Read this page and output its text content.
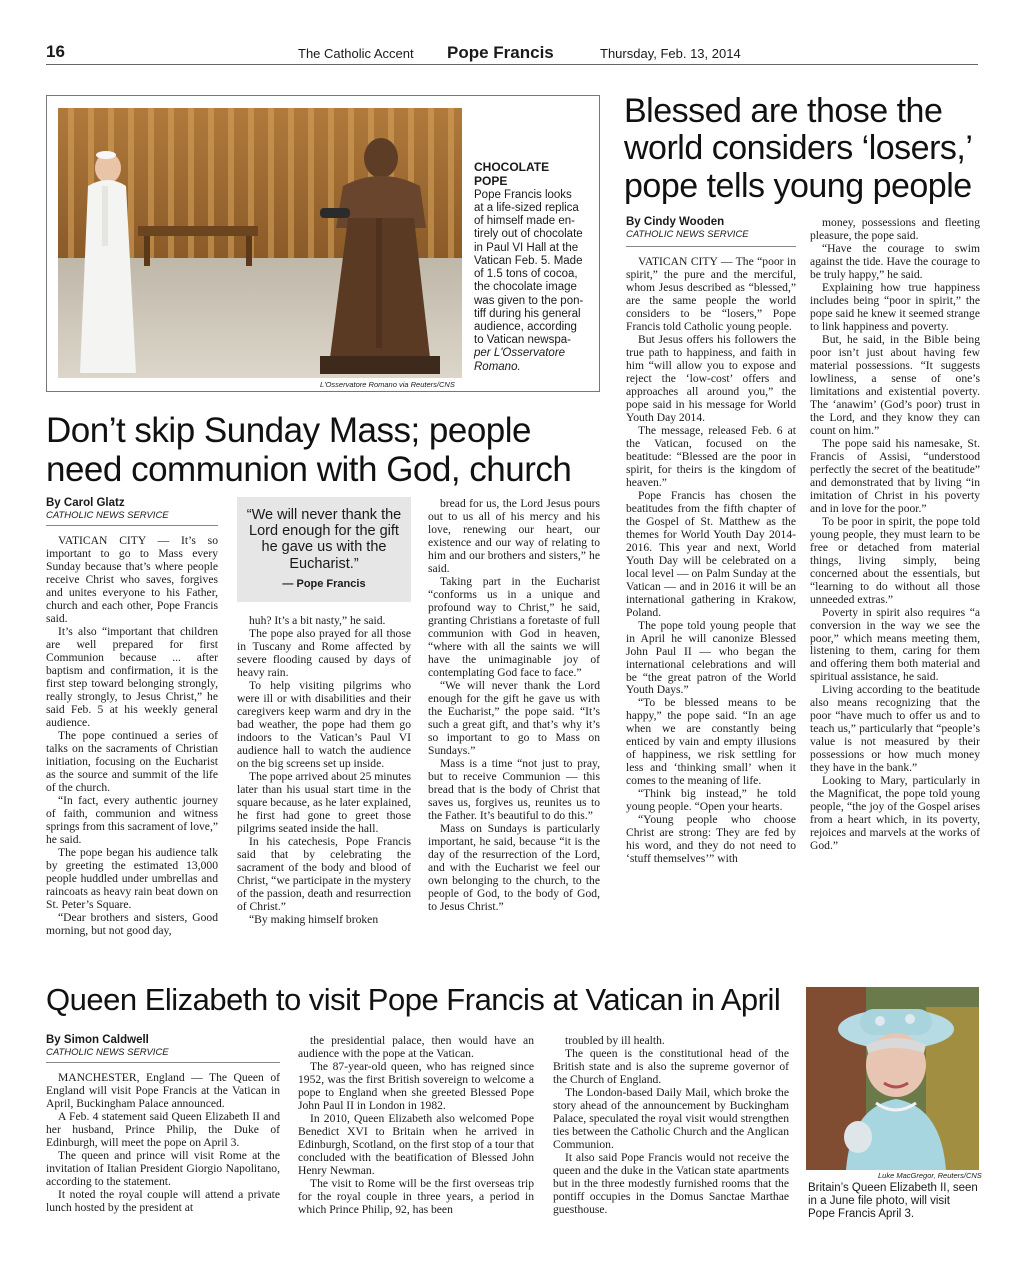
16	The Catholic Accent Pope Francis	Thursday, Feb. 13, 2014
L'Osservatore Romano via Reuters/CNS
CHOCOLATE
POPE
Pope Francis looks
at a life-sized replica
of himself made en-
tirely out of chocolate
in Paul VI Hall at the
Vatican Feb. 5. Made
of 1.5 tons of cocoa,
the chocolate image
was given to the pon-
tiff during his general
audience, according
to Vatican newspa-
per L'Osservatore
Romano.
Blessed are those the
world considers ‘losers,’
pope tells young people
By Cindy Wooden
CATHOLIC NEWS SERVICE

VATICAN CITY — The “poor in spirit,” the pure and the merciful, whom Jesus described as “blessed,” are the same people the world considers to be “losers,” Pope Francis told Catholic young people.

But Jesus offers his followers the true path to happiness, and faith in him “will allow you to expose and reject the ‘low-cost’ offers and approaches all around you,” the pope said in his message for World Youth Day 2014.

The message, released Feb. 6 at the Vatican, focused on the beatitude: “Blessed are the poor in spirit, for theirs is the kingdom of heaven.”

Pope Francis has chosen the beatitudes from the fifth chapter of the Gospel of St. Matthew as the themes for World Youth Day 2014-2016. This year and next, World Youth Day will be celebrated on a local level — on Palm Sunday at the Vatican — and in 2016 it will be an international gathering in Krakow, Poland.

The pope told young people that in April he will canonize Blessed John Paul II — who began the international celebrations and will be “the great patron of the World Youth Days.”

“To be blessed means to be happy,” the pope said. “In an age when we are constantly being enticed by vain and empty illusions of happiness, we risk settling for less and ‘thinking small’ when it comes to the meaning of life.

“Think big instead,” he told young people. “Open your hearts.

“Young people who choose Christ are strong: They are fed by his word, and they do not need to ‘stuff themselves’” with

money, possessions and fleeting pleasure, the pope said.

“Have the courage to swim against the tide. Have the courage to be truly happy,” he said.

Explaining how true happiness includes being “poor in spirit,” the pope said he knew it seemed strange to link happiness and poverty.

But, he said, in the Bible being poor isn’t just about having few material possessions. “It suggests lowliness, a sense of one’s limitations and existential poverty. The ‘anawim’ (God’s poor) trust in the Lord, and they know they can count on him.”

The pope said his namesake, St. Francis of Assisi, “understood perfectly the secret of the beatitude” and demonstrated that by living “in imitation of Christ in his poverty and in love for the poor.”

To be poor in spirit, the pope told young people, they must learn to be free or detached from material things, living simply, being concerned about the essentials, but “learning to do without all those unneeded extras.”

Poverty in spirit also requires “a conversion in the way we see the poor,” which means meeting them, listening to them, caring for them and offering them both material and spiritual assistance, he said.

Living according to the beatitude also means recognizing that the poor “have much to offer us and to teach us,” particularly that “people’s value is not measured by their possessions or how much money they have in the bank.”

Looking to Mary, particularly in the Magnificat, the pope told young people, “the joy of the Gospel arises from a heart which, in its poverty, rejoices and marvels at the works of God.”

Don’t skip Sunday Mass; people
need communion with God, church
By Carol Glatz
CATHOLIC NEWS SERVICE

VATICAN CITY — It’s so important to go to Mass every Sunday because that’s where people receive Christ who saves, forgives and unites everyone to his Father, church and each other, Pope Francis said.

It’s also “important that children are well prepared for first Communion because ... after baptism and confirmation, it is the first step toward belonging strongly, really strongly, to Jesus Christ,” he said Feb. 5 at his weekly general audience.

The pope continued a series of talks on the sacraments of Christian initiation, focusing on the Eucharist as the source and summit of the life of the church.

“In fact, every authentic journey of faith, communion and witness springs from this sacrament of love,” he said.

The pope began his audience talk by greeting the estimated 13,000 people huddled under umbrellas and raincoats as heavy rain beat down on St. Peter’s Square.

“Dear brothers and sisters, Good morning, but not good day,

“We will never thank the Lord enough for the gift he gave us with the Eucharist.”
— Pope Francis

huh? It’s a bit nasty,” he said.

The pope also prayed for all those in Tuscany and Rome affected by severe flooding caused by days of heavy rain.

To help visiting pilgrims who were ill or with disabilities and their caregivers keep warm and dry in the bad weather, the pope had them go indoors to the Vatican’s Paul VI audience hall to watch the audience on the big screens set up inside.

The pope arrived about 25 minutes later than his usual start time in the square because, as he later explained, he first had gone to greet those pilgrims seated inside the hall.

In his catechesis, Pope Francis said that by celebrating the sacrament of the body and blood of Christ, “we participate in the mystery of the passion, death and resurrection of Christ.”

“By making himself broken

bread for us, the Lord Jesus pours out to us all of his mercy and his love, renewing our heart, our existence and our way of relating to him and our brothers and sisters,” he said.

Taking part in the Eucharist “conforms us in a unique and profound way to Christ,” he said, granting Christians a foretaste of full communion with God in heaven, “where with all the saints we will have the unimaginable joy of contemplating God face to face.”

“We will never thank the Lord enough for the gift he gave us with the Eucharist,” the pope said. “It’s such a great gift, and that’s why it’s so important to go to Mass on Sundays.”

Mass is a time “not just to pray, but to receive Communion — this bread that is the body of Christ that saves us, forgives us, reunites us to the Father. It’s beautiful to do this.”

Mass on Sundays is particularly important, he said, because “it is the day of the resurrection of the Lord, and with the Eucharist we feel our own belonging to the church, to the people of God, to the body of God, to Jesus Christ.”

Queen Elizabeth to visit Pope Francis at Vatican in April
By Simon Caldwell
CATHOLIC NEWS SERVICE

MANCHESTER, England — The Queen of England will visit Pope Francis at the Vatican in April, Buckingham Palace announced.

A Feb. 4 statement said Queen Elizabeth II and her husband, Prince Philip, the Duke of Edinburgh, will meet the pope on April 3.

The queen and prince will visit Rome at the invitation of Italian President Giorgio Napolitano, according to the statement.

It noted the royal couple will attend a private lunch hosted by the president at

the presidential palace, then would have an audience with the pope at the Vatican.

The 87-year-old queen, who has reigned since 1952, was the first British sovereign to welcome a pope to England when she greeted Blessed Pope John Paul II in London in 1982.

In 2010, Queen Elizabeth also welcomed Pope Benedict XVI to Britain when he arrived in Edinburgh, Scotland, on the first stop of a tour that concluded with the beatification of Blessed John Henry Newman.

The visit to Rome will be the first overseas trip for the royal couple in three years, a period in which Prince Philip, 92, has been

troubled by ill health.

The queen is the constitutional head of the British state and is also the supreme governor of the Church of England.

The London-based Daily Mail, which broke the story ahead of the announcement by Buckingham Palace, speculated the royal visit would strengthen ties between the Catholic Church and the Anglican Communion.

It also said Pope Francis would not receive the queen and the duke in the Vatican state apartments but in the three modestly furnished rooms that the pontiff occupies in the Domus Sanctae Marthae guesthouse.

Luke MacGregor, Reuters/CNS
Britain’s Queen Elizabeth II, seen in a June file photo, will visit Pope Francis April 3.
